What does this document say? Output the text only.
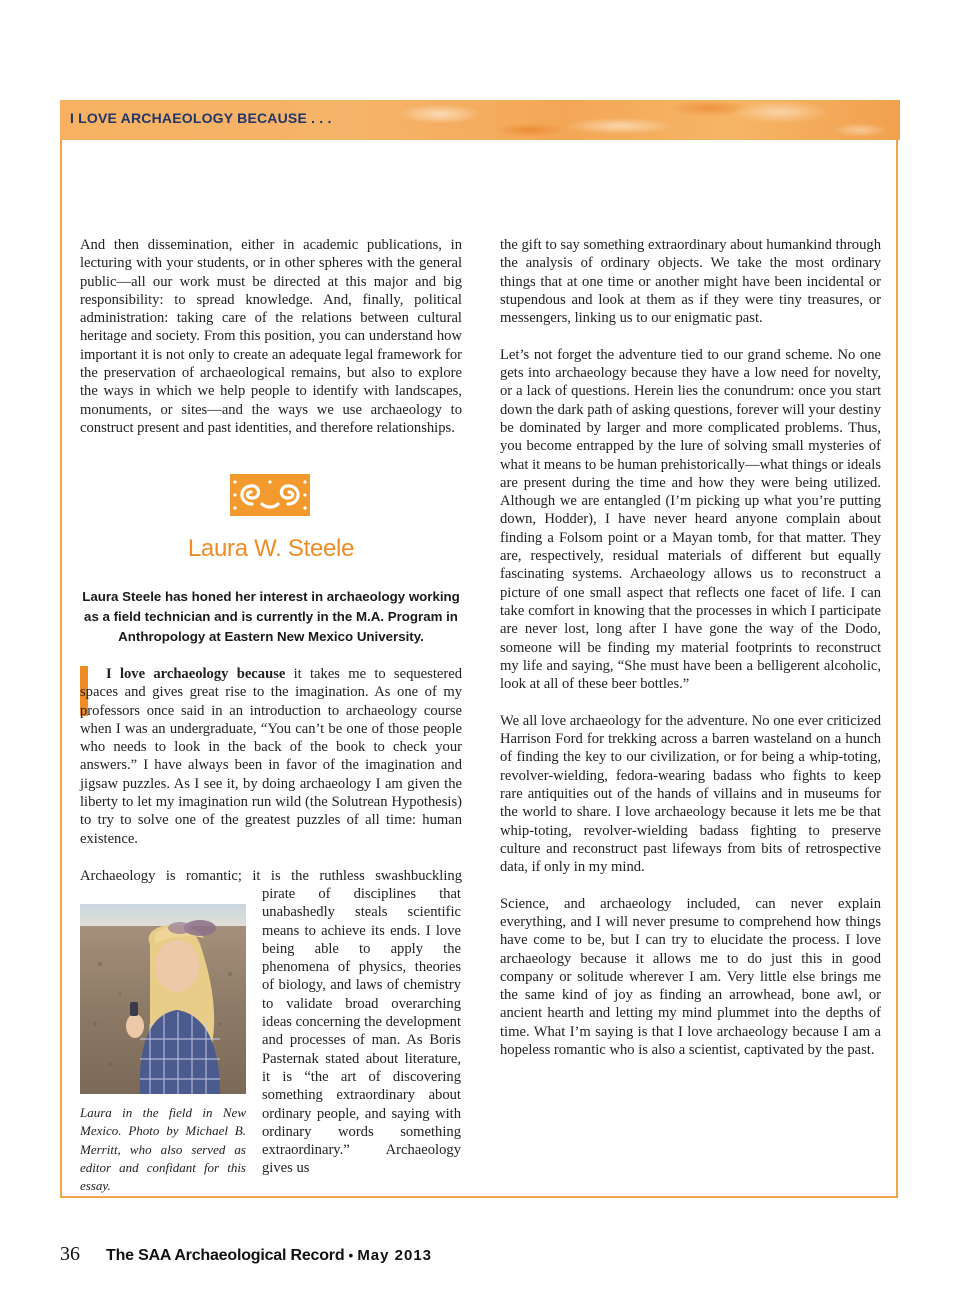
I LOVE ARCHAEOLOGY BECAUSE . . .

And then dissemination, either in academic publications, in lecturing with your students, or in other spheres with the general public—all our work must be directed at this major and big responsibility: to spread knowledge. And, finally, political administration: taking care of the relations between cultural heritage and society. From this position, you can understand how important it is not only to create an adequate legal framework for the preservation of archaeological remains, but also to explore the ways in which we help people to identify with landscapes, monuments, or sites—and the ways we use archaeology to construct present and past identities, and therefore relationships.

Laura W. Steele
Laura Steele has honed her interest in archaeology working as a field technician and is currently in the M.A. Program in Anthropology at Eastern New Mexico University.
I love archaeology because it takes me to sequestered spaces and gives great rise to the imagination. As one of my professors once said in an introduction to archaeology course when I was an undergraduate, “You can’t be one of those people who needs to look in the back of the book to check your answers.” I have always been in favor of the imagination and jigsaw puzzles. As I see it, by doing archaeology I am given the liberty to let my imagination run wild (the Solutrean Hypothesis) to try to solve one of the greatest puzzles of all time: human existence.
Archaeology is romantic; it is the ruthless swashbuckling
Laura in the field in New Mexico. Photo by Michael B. Merritt, who also served as editor and confidant for this essay.
pirate of disciplines that unabashedly steals scientific means to achieve its ends. I love being able to apply the phenomena of physics, theories of biology, and laws of chemistry to validate broad overarching ideas concerning the development and processes of man. As Boris Pasternak stated about literature, it is “the art of discovering something extraordinary about ordinary people, and saying with ordinary words something extraordinary.” Archaeology gives us

the gift to say something extraordinary about humankind through the analysis of ordinary objects. We take the most ordinary things that at one time or another might have been incidental or stupendous and look at them as if they were tiny treasures, or messengers, linking us to our enigmatic past.

Let’s not forget the adventure tied to our grand scheme. No one gets into archaeology because they have a low need for novelty, or a lack of questions. Herein lies the conundrum: once you start down the dark path of asking questions, forever will your destiny be dominated by larger and more complicated problems. Thus, you become entrapped by the lure of solving small mysteries of what it means to be human prehistorically—what things or ideals are present during the time and how they were being utilized. Although we are entangled (I’m picking up what you’re putting down, Hodder), I have never heard anyone complain about finding a Folsom point or a Mayan tomb, for that matter. They are, respectively, residual materials of different but equally fascinating systems. Archaeology allows us to reconstruct a picture of one small aspect that reflects one facet of life. I can take comfort in knowing that the processes in which I participate are never lost, long after I have gone the way of the Dodo, someone will be finding my material footprints to reconstruct my life and saying, “She must have been a belligerent alcoholic, look at all of these beer bottles.”

We all love archaeology for the adventure. No one ever criticized Harrison Ford for trekking across a barren wasteland on a hunch of finding the key to our civilization, or for being a whip-toting, revolver-wielding, fedora-wearing badass who fights to keep rare antiquities out of the hands of villains and in museums for the world to share. I love archaeology because it lets me be that whip-toting, revolver-wielding badass fighting to preserve culture and reconstruct past lifeways from bits of retrospective data, if only in my mind.

Science, and archaeology included, can never explain everything, and I will never presume to comprehend how things have come to be, but I can try to elucidate the process. I love archaeology because it allows me to do just this in good company or solitude wherever I am. Very little else brings me the same kind of joy as finding an arrowhead, bone awl, or ancient hearth and letting my mind plummet into the depths of time. What I’m saying is that I love archaeology because I am a hopeless romantic who is also a scientist, captivated by the past.

36 The SAA Archaeological Record • May 2013
